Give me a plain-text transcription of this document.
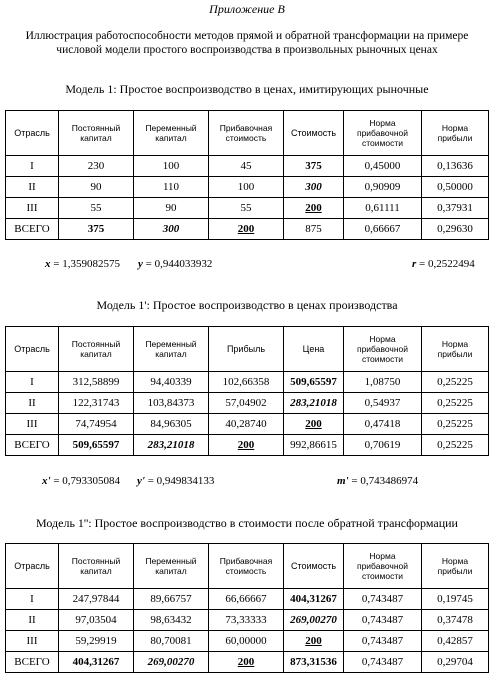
Приложение B
Иллюстрация работоспособности методов прямой и обратной трансформации на примере числовой модели простого воспроизводства в произвольных рыночных ценах
Модель 1: Простое воспроизводство в ценах, имитирующих рыночные
Отрасль	Постоянный капитал	Переменный капитал	Прибавочная стоимость	Стоимость	Норма прибавочной стоимости	Норма прибыли
I	230	100	45	375	0,45000	0,13636
II	90	110	100	300	0,90909	0,50000
III	55	90	55	200	0,61111	0,37931
ВСЕГО	375	300	200	875	0,66667	0,29630
x = 1,359082575 y = 0,944033932	r = 0,2522494
Модель 1': Простое воспроизводство в ценах производства
Отрасль	Постоянный капитал	Переменный капитал	Прибыль	Цена	Норма прибавочной стоимости	Норма прибыли
I	312,58899	94,40339	102,66358	509,65597	1,08750	0,25225
II	122,31743	103,84373	57,04902	283,21018	0,54937	0,25225
III	74,74954	84,96305	40,28740	200	0,47418	0,25225
ВСЕГО	509,65597	283,21018	200	992,86615	0,70619	0,25225
x' = 0,793305084 y' = 0,949834133	m' = 0,743486974
Модель 1'': Простое воспроизводство в стоимости после обратной трансформации
Отрасль	Постоянный капитал	Переменный капитал	Прибавочная стоимость	Стоимость	Норма прибавочной стоимости	Норма прибыли
I	247,97844	89,66757	66,66667	404,31267	0,743487	0,19745
II	97,03504	98,63432	73,33333	269,00270	0,743487	0,37478
III	59,29919	80,70081	60,00000	200	0,743487	0,42857
ВСЕГО	404,31267	269,00270	200	873,31536	0,743487	0,29704
